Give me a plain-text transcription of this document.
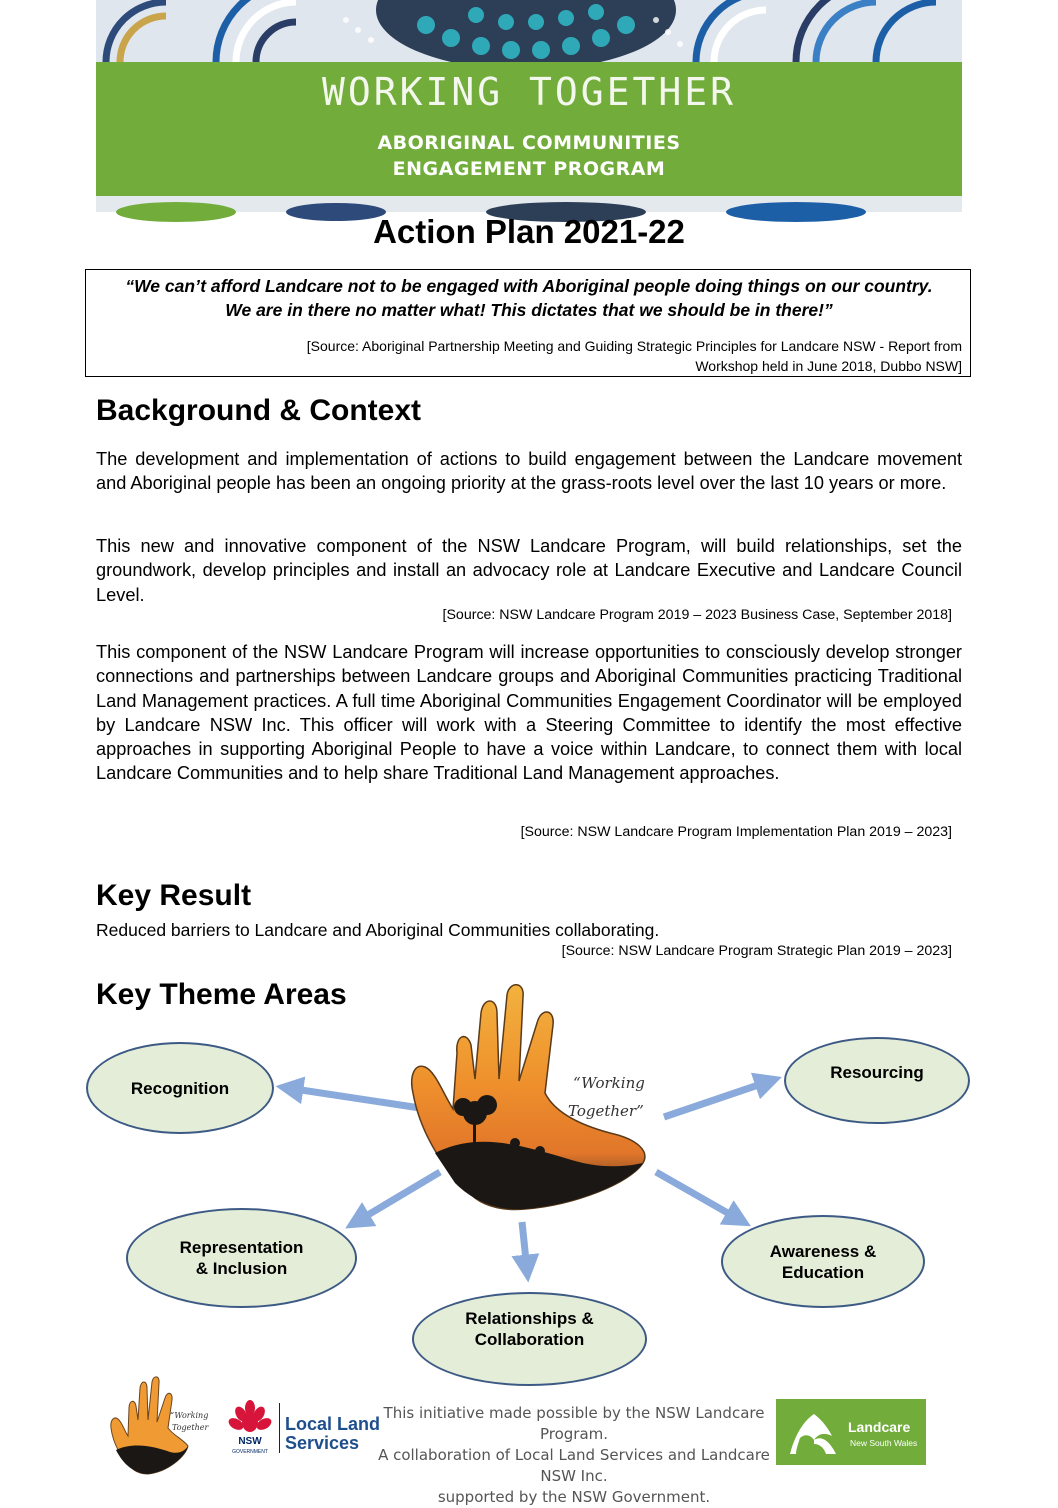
WORKING TOGETHER
ABORIGINAL COMMUNITIES
ENGAGEMENT PROGRAM
Action Plan 2021-22
“We can’t afford Landcare not to be engaged with Aboriginal people doing things on our country. We are in there no matter what! This dictates that we should be in there!”
[Source: Aboriginal Partnership Meeting and Guiding Strategic Principles for Landcare NSW - Report from Workshop held in June 2018, Dubbo NSW]
Background & Context
The development and implementation of actions to build engagement between the Landcare movement and Aboriginal people has been an ongoing priority at the grass-roots level over the last 10 years or more.
This new and innovative component of the NSW Landcare Program, will build relationships, set the groundwork, develop principles and install an advocacy role at Landcare Executive and Landcare Council Level.
[Source: NSW Landcare Program 2019 – 2023 Business Case, September 2018]
This component of the NSW Landcare Program will increase opportunities to consciously develop stronger connections and partnerships between Landcare groups and Aboriginal Communities practicing Traditional Land Management practices. A full time Aboriginal Communities Engagement Coordinator will be employed by Landcare NSW Inc. This officer will work with a Steering Committee to identify the most effective approaches in supporting Aboriginal People to have a voice within Landcare, to connect them with local Landcare Communities and to help share Traditional Land Management approaches.
[Source: NSW Landcare Program Implementation Plan 2019 – 2023]
Key Result
Reduced barriers to Landcare and Aboriginal Communities collaborating.
[Source: NSW Landcare Program Strategic Plan 2019 – 2023]
Key Theme Areas
“Working
Together”
Recognition
Resourcing
Representation
& Inclusion
Awareness &
Education
Relationships &
Collaboration
“Working
Together
NSW
GOVERNMENT
Local Land
Services
This initiative made possible by the NSW Landcare Program.
A collaboration of Local Land Services and Landcare NSW Inc.
supported by the NSW Government.
Landcare
New South Wales
